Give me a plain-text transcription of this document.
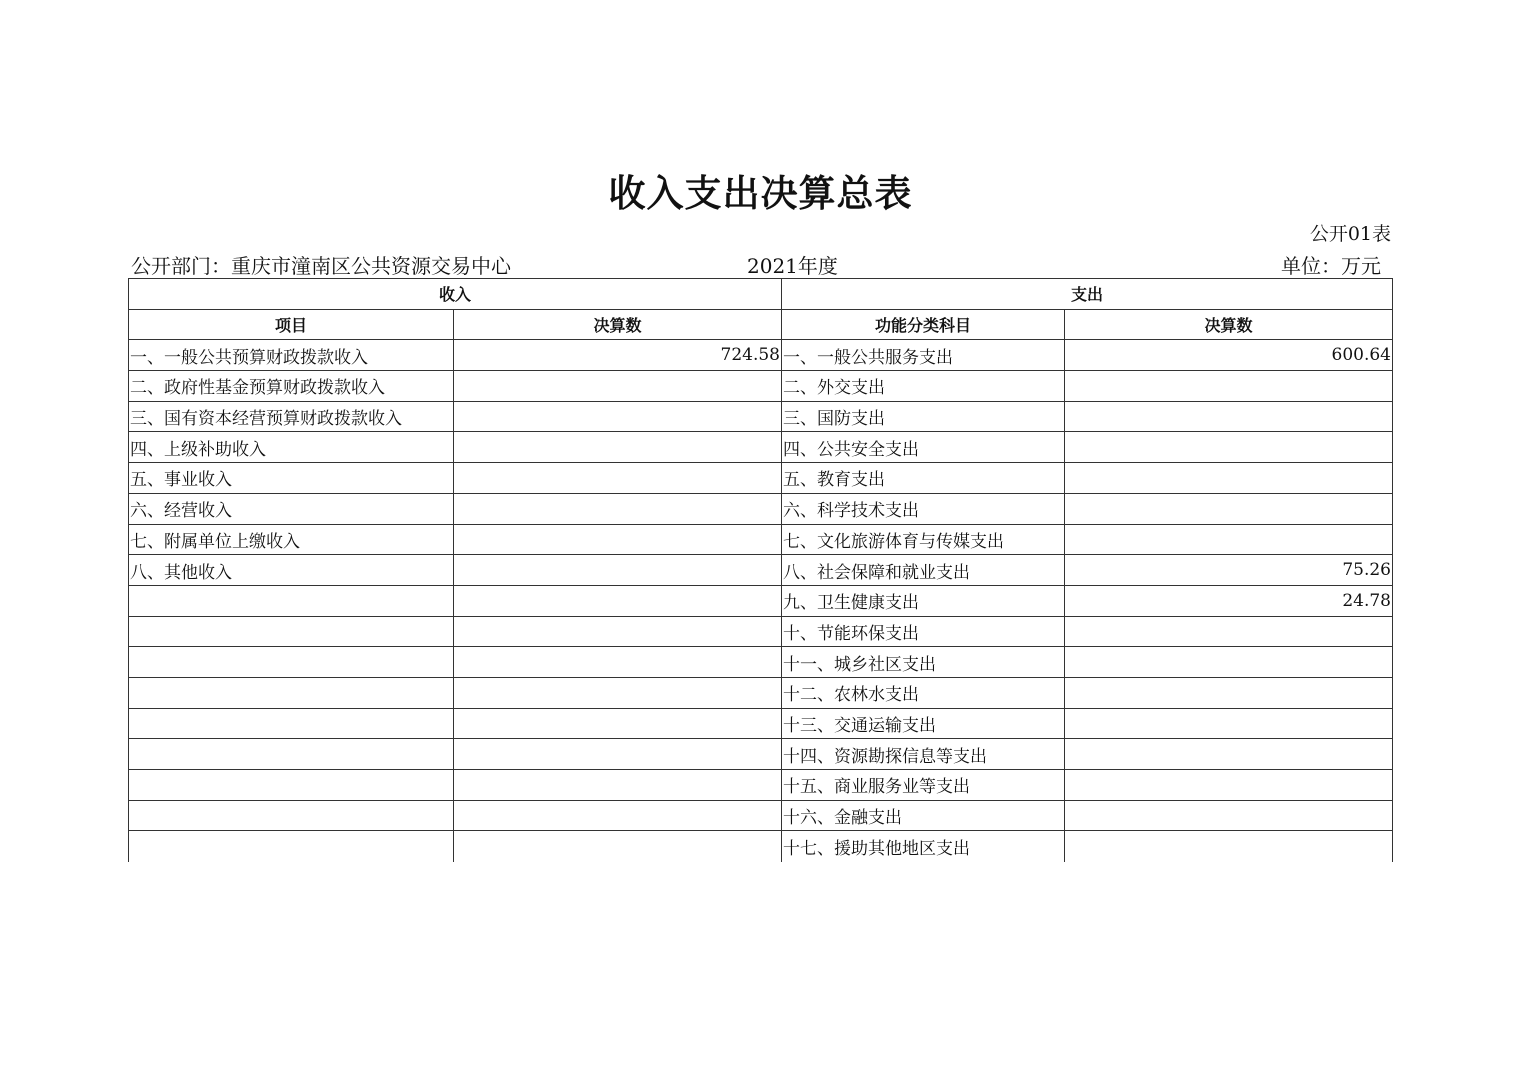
收入支出决算总表
公开01表
公开部门：重庆市潼南区公共资源交易中心	2021年度	单位：万元
收入		支出	
项目	决算数	功能分类科目	决算数
一、一般公共预算财政拨款收入	724.58	一、一般公共服务支出	600.64
二、政府性基金预算财政拨款收入		二、外交支出	
三、国有资本经营预算财政拨款收入		三、国防支出	
四、上级补助收入		四、公共安全支出	
五、事业收入		五、教育支出	
六、经营收入		六、科学技术支出	
七、附属单位上缴收入		七、文化旅游体育与传媒支出	
八、其他收入		八、社会保障和就业支出	75.26
		九、卫生健康支出	24.78
		十、节能环保支出	
		十一、城乡社区支出	
		十二、农林水支出	
		十三、交通运输支出	
		十四、资源勘探信息等支出	
		十五、商业服务业等支出	
		十六、金融支出	
		十七、援助其他地区支出	
